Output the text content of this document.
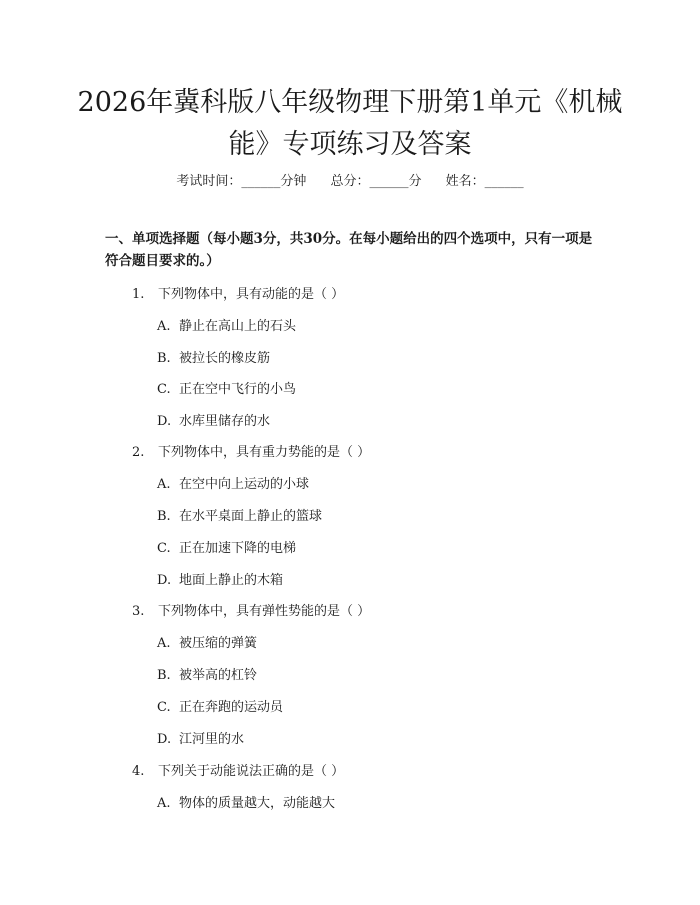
2026年冀科版八年级物理下册第1单元《机械能》专项练习及答案
考试时间：______分钟 总分：______分 姓名：______
一、单项选择题（每小题3分，共30分。在每小题给出的四个选项中，只有一项是符合题目要求的。）
1. 下列物体中，具有动能的是（ ）
A. 静止在高山上的石头
B. 被拉长的橡皮筋
C. 正在空中飞行的小鸟
D. 水库里储存的水
2. 下列物体中，具有重力势能的是（ ）
A. 在空中向上运动的小球
B. 在水平桌面上静止的篮球
C. 正在加速下降的电梯
D. 地面上静止的木箱
3. 下列物体中，具有弹性势能的是（ ）
A. 被压缩的弹簧
B. 被举高的杠铃
C. 正在奔跑的运动员
D. 江河里的水
4. 下列关于动能说法正确的是（ ）
A. 物体的质量越大，动能越大
